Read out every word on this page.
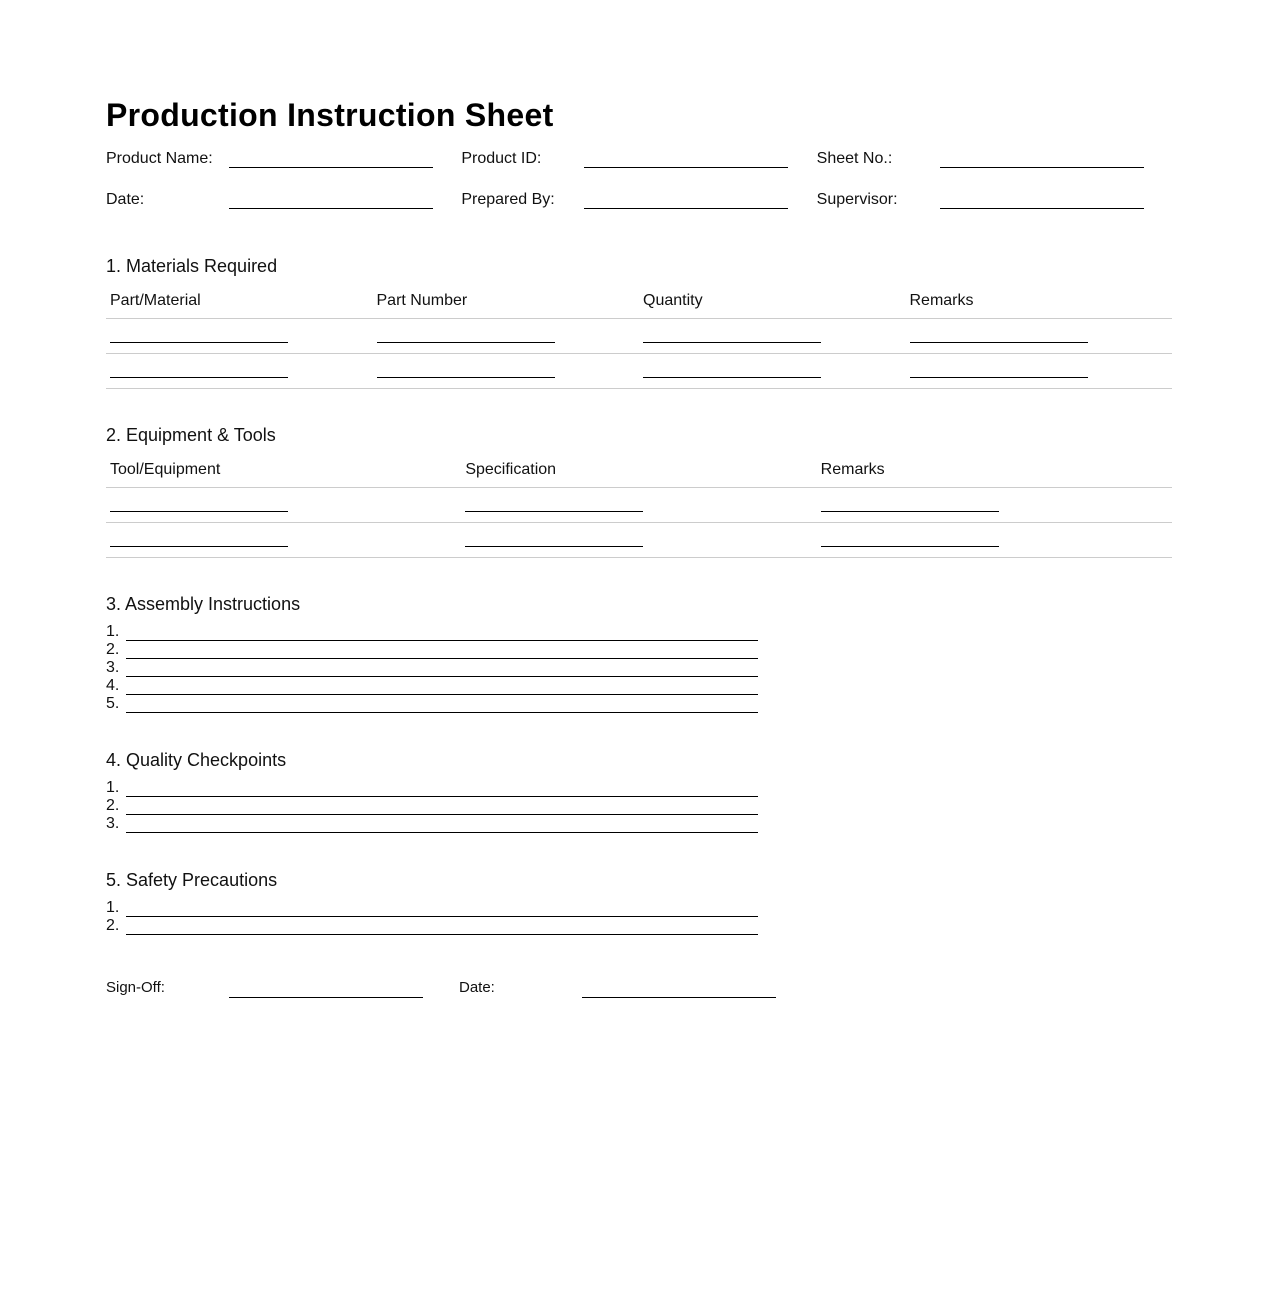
Production Instruction Sheet
Product Name:	Product ID:	Sheet No.:
Date:	Prepared By:	Supervisor:
1. Materials Required
Part/Material	Part Number	Quantity	Remarks

2. Equipment & Tools
Tool/Equipment	Specification	Remarks

3. Assembly Instructions
1.
2.
3.
4.
5.
4. Quality Checkpoints
1.
2.
3.
5. Safety Precautions
1.
2.
Sign-Off:	Date:
